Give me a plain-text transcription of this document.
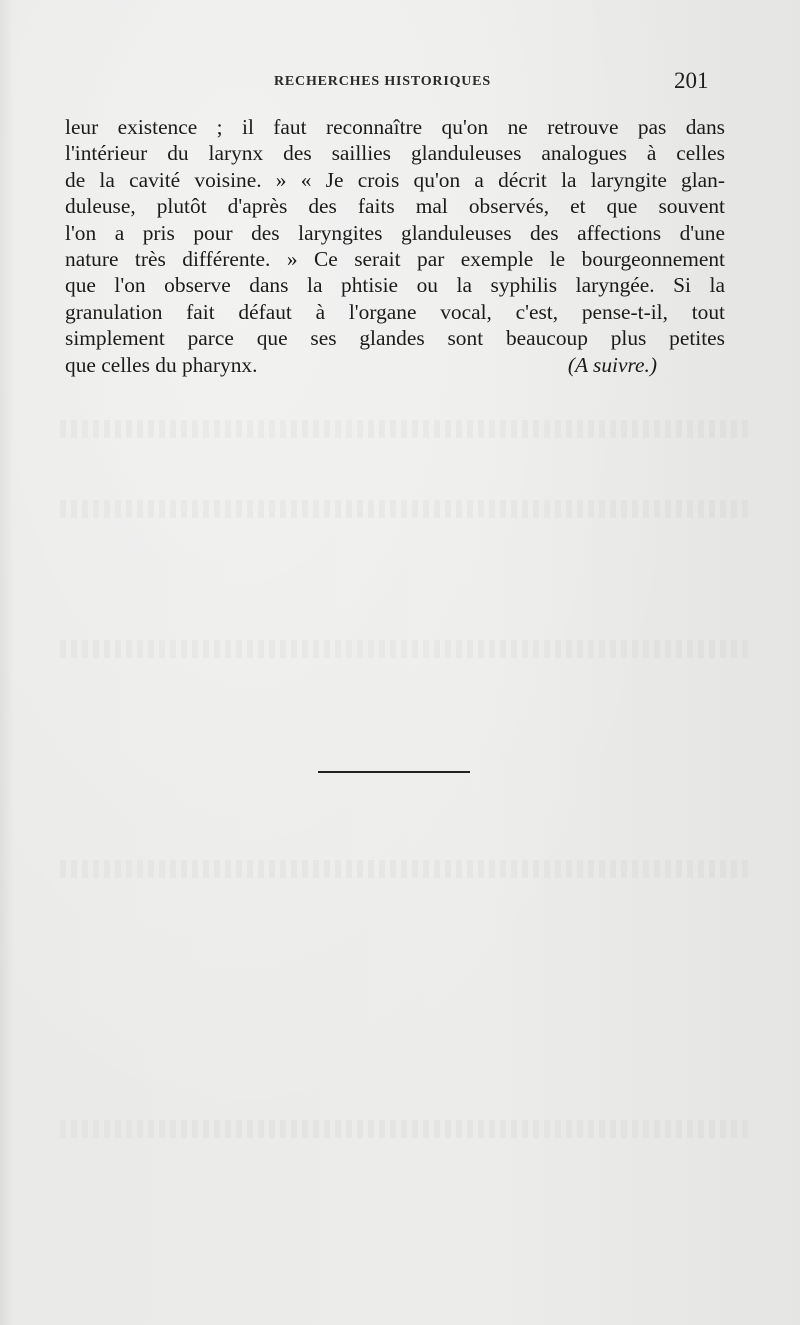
RECHERCHES HISTORIQUES	201
leur existence ; il faut reconnaître qu'on ne retrouve pas dans
l'intérieur du larynx des saillies glanduleuses analogues à celles
de la cavité voisine. » « Je crois qu'on a décrit la laryngite glan-
duleuse, plutôt d'après des faits mal observés, et que souvent
l'on a pris pour des laryngites glanduleuses des affections d'une
nature très différente. » Ce serait par exemple le bourgeonnement
que l'on observe dans la phtisie ou la syphilis laryngée. Si la
granulation fait défaut à l'organe vocal, c'est, pense-t-il, tout
simplement parce que ses glandes sont beaucoup plus petites
que celles du pharynx.	(A suivre.)
